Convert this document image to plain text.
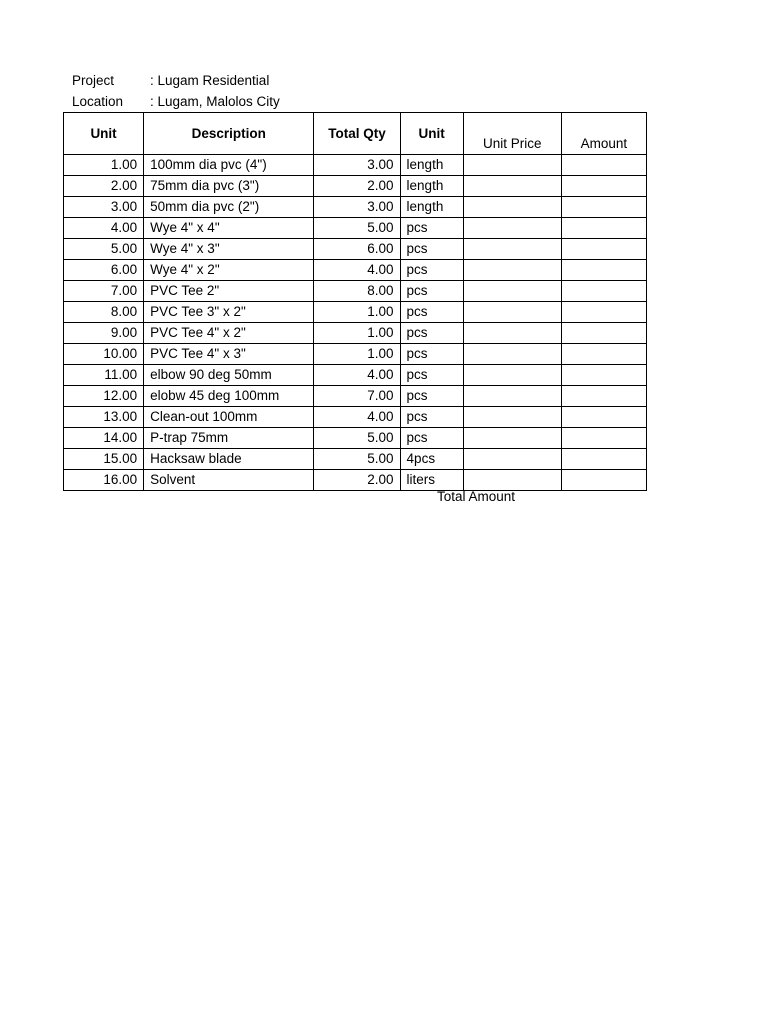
Project	: Lugam Residential
Location : Lugam, Malolos City
Unit	Description	Total Qty	Unit	Unit Price	Amount
1.00	100mm dia pvc (4")	3.00	length		
2.00	75mm dia pvc (3")	2.00	length		
3.00	50mm dia pvc (2")	3.00	length		
4.00	Wye 4" x 4"	5.00	pcs		
5.00	Wye 4" x 3"	6.00	pcs		
6.00	Wye 4" x 2"	4.00	pcs		
7.00	PVC Tee 2"	8.00	pcs		
8.00	PVC Tee 3" x 2"	1.00	pcs		
9.00	PVC Tee 4" x 2"	1.00	pcs		
10.00	PVC Tee 4" x 3"	1.00	pcs		
11.00	elbow 90 deg 50mm	4.00	pcs		
12.00	elobw 45 deg 100mm	7.00	pcs		
13.00	Clean-out 100mm	4.00	pcs		
14.00	P-trap 75mm	5.00	pcs		
15.00	Hacksaw blade	5.00	4pcs		
16.00	Solvent	2.00	liters		
Total Amount
